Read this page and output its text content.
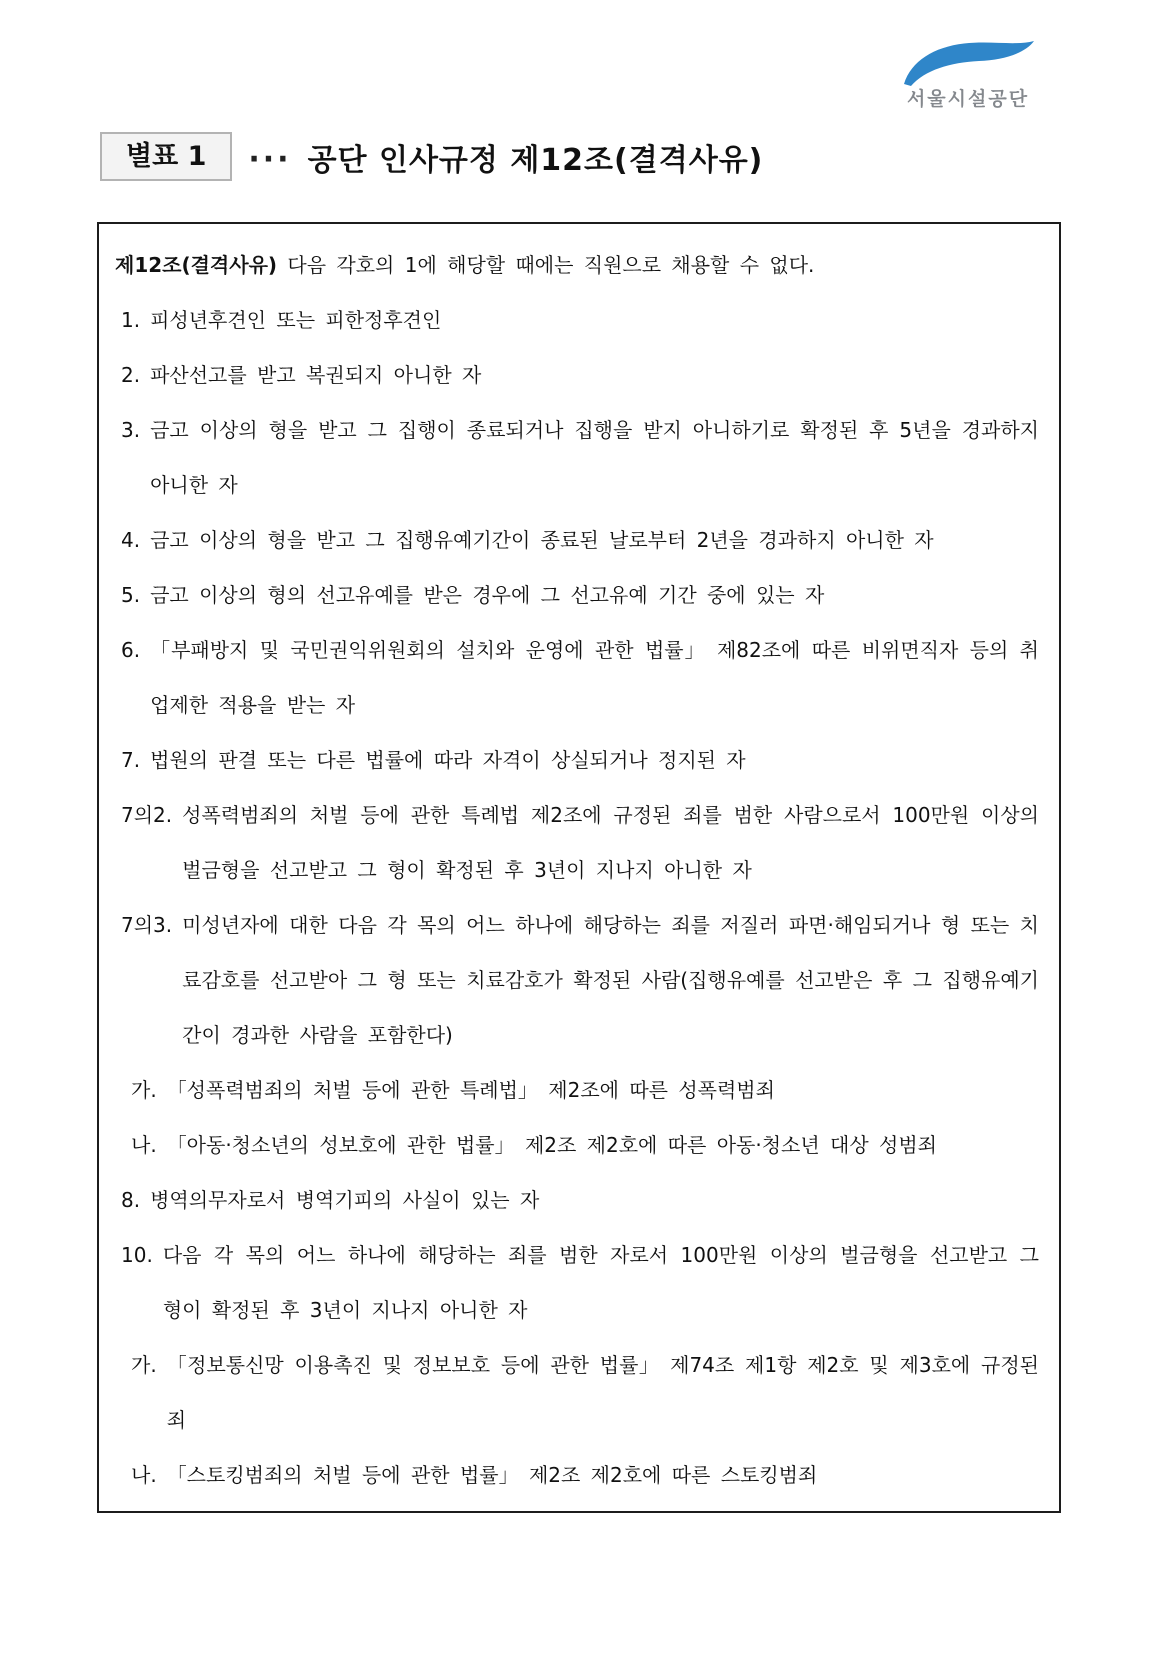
서울시설공단
별표 1	··· 공단 인사규정 제12조(결격사유)

제12조(결격사유) 다음 각호의 1에 해당할 때에는 직원으로 채용할 수 없다.

1. 피성년후견인 또는 피한정후견인
2. 파산선고를 받고 복권되지 아니한 자
3. 금고 이상의 형을 받고 그 집행이 종료되거나 집행을 받지 아니하기로 확정된 후 5년을 경과하지 아니한 자
4. 금고 이상의 형을 받고 그 집행유예기간이 종료된 날로부터 2년을 경과하지 아니한 자
5. 금고 이상의 형의 선고유예를 받은 경우에 그 선고유예 기간 중에 있는 자
6. 「부패방지 및 국민권익위원회의 설치와 운영에 관한 법률」 제82조에 따른 비위면직자 등의 취업제한 적용을 받는 자
7. 법원의 판결 또는 다른 법률에 따라 자격이 상실되거나 정지된 자
7의2. 성폭력범죄의 처벌 등에 관한 특례법 제2조에 규정된 죄를 범한 사람으로서 100만원 이상의 벌금형을 선고받고 그 형이 확정된 후 3년이 지나지 아니한 자
7의3. 미성년자에 대한 다음 각 목의 어느 하나에 해당하는 죄를 저질러 파면·해임되거나 형 또는 치료감호를 선고받아 그 형 또는 치료감호가 확정된 사람(집행유예를 선고받은 후 그 집행유예기간이 경과한 사람을 포함한다)
가. 「성폭력범죄의 처벌 등에 관한 특례법」 제2조에 따른 성폭력범죄
나. 「아동·청소년의 성보호에 관한 법률」 제2조 제2호에 따른 아동·청소년 대상 성범죄
8. 병역의무자로서 병역기피의 사실이 있는 자
10. 다음 각 목의 어느 하나에 해당하는 죄를 범한 자로서 100만원 이상의 벌금형을 선고받고 그 형이 확정된 후 3년이 지나지 아니한 자
가. 「정보통신망 이용촉진 및 정보보호 등에 관한 법률」 제74조 제1항 제2호 및 제3호에 규정된 죄
나. 「스토킹범죄의 처벌 등에 관한 법률」 제2조 제2호에 따른 스토킹범죄
